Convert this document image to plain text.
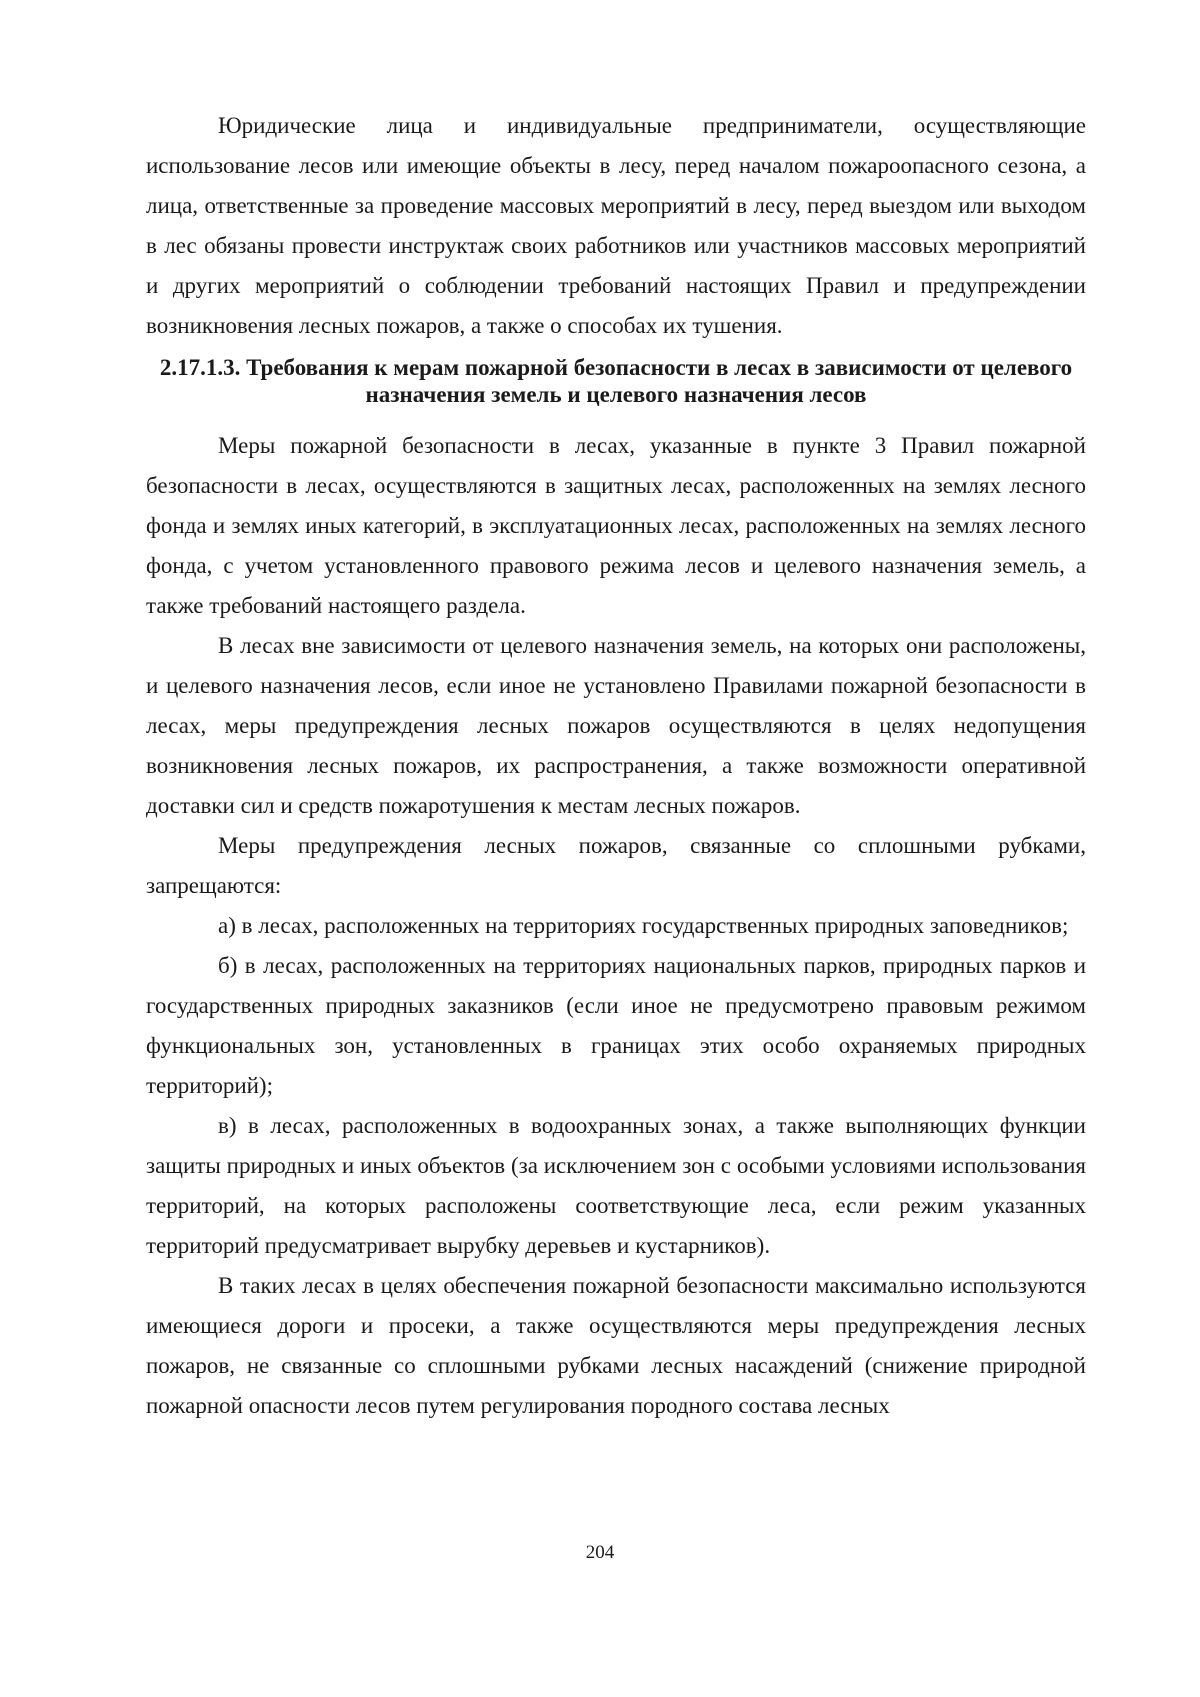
Юридические лица и индивидуальные предприниматели, осуществляющие использование лесов или имеющие объекты в лесу, перед началом пожароопасного сезона, а лица, ответственные за проведение массовых мероприятий в лесу, перед выездом или выходом в лес обязаны провести инструктаж своих работников или участников массовых мероприятий и других мероприятий о соблюдении требований настоящих Правил и предупреждении возникновения лесных пожаров, а также о способах их тушения.

2.17.1.3. Требования к мерам пожарной безопасности в лесах в зависимости от целевого назначения земель и целевого назначения лесов

Меры пожарной безопасности в лесах, указанные в пункте 3 Правил пожарной безопасности в лесах, осуществляются в защитных лесах, расположенных на землях лесного фонда и землях иных категорий, в эксплуатационных лесах, расположенных на землях лесного фонда, с учетом установленного правового режима лесов и целевого назначения земель, а также требований настоящего раздела.

В лесах вне зависимости от целевого назначения земель, на которых они расположены, и целевого назначения лесов, если иное не установлено Правилами пожарной безопасности в лесах, меры предупреждения лесных пожаров осуществляются в целях недопущения возникновения лесных пожаров, их распространения, а также возможности оперативной доставки сил и средств пожаротушения к местам лесных пожаров.

Меры предупреждения лесных пожаров, связанные со сплошными рубками, запрещаются:

а) в лесах, расположенных на территориях государственных природных заповедников;

б) в лесах, расположенных на территориях национальных парков, природных парков и государственных природных заказников (если иное не предусмотрено правовым режимом функциональных зон, установленных в границах этих особо охраняемых природных территорий);

в) в лесах, расположенных в водоохранных зонах, а также выполняющих функции защиты природных и иных объектов (за исключением зон с особыми условиями использования территорий, на которых расположены соответствующие леса, если режим указанных территорий предусматривает вырубку деревьев и кустарников).

В таких лесах в целях обеспечения пожарной безопасности максимально используются имеющиеся дороги и просеки, а также осуществляются меры предупреждения лесных пожаров, не связанные со сплошными рубками лесных насаждений (снижение природной пожарной опасности лесов путем регулирования породного состава лесных

204
